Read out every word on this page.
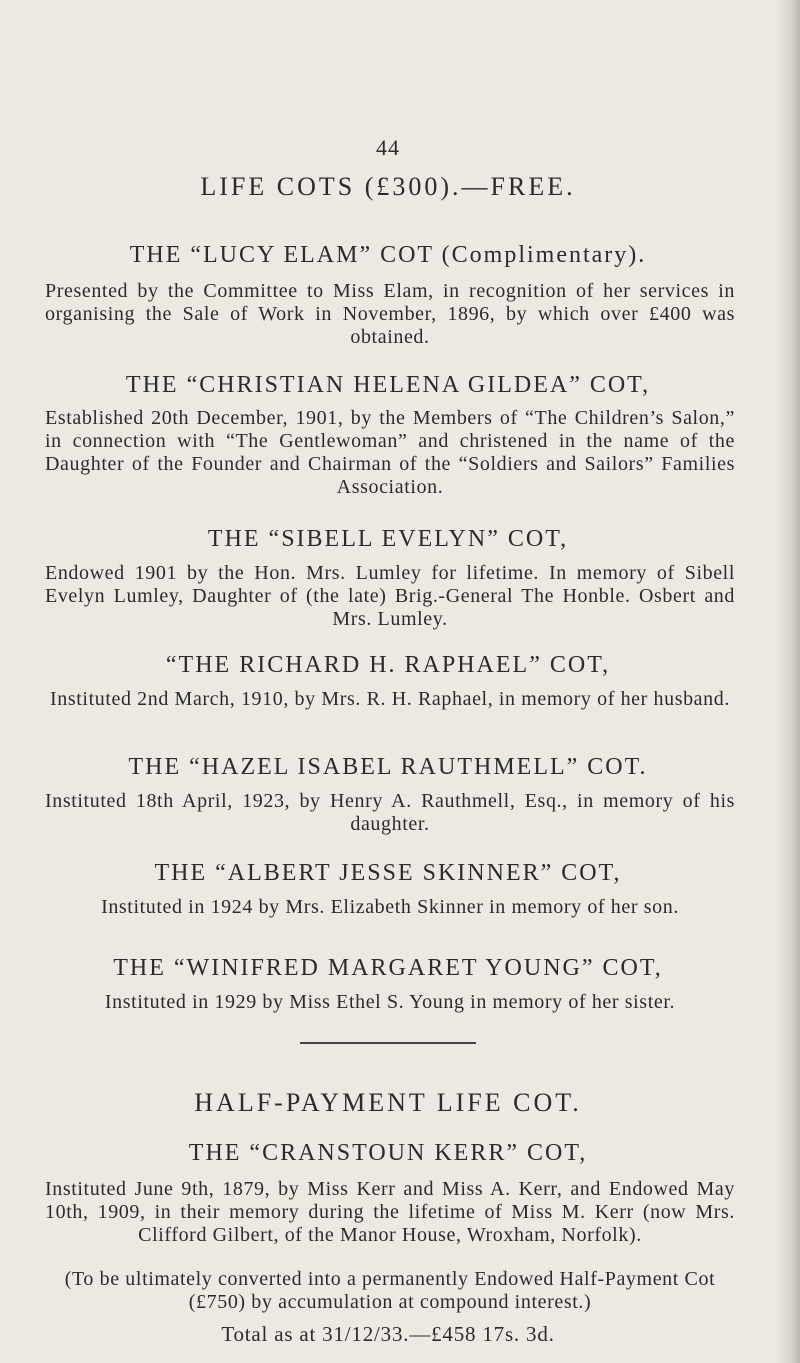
44
LIFE COTS (£300).—FREE.
THE “LUCY ELAM” COT (Complimentary).
Presented by the Committee to Miss Elam, in recognition of her services in organising the Sale of Work in November, 1896, by which over £400 was obtained.
THE “CHRISTIAN HELENA GILDEA” COT,
Established 20th December, 1901, by the Members of “The Children’s Salon,” in connection with “The Gentlewoman” and christened in the name of the Daughter of the Founder and Chairman of the “Soldiers and Sailors” Families Association.
THE “SIBELL EVELYN” COT,
Endowed 1901 by the Hon. Mrs. Lumley for lifetime. In memory of Sibell Evelyn Lumley, Daughter of (the late) Brig.-General The Honble. Osbert and Mrs. Lumley.
“THE RICHARD H. RAPHAEL” COT,
Instituted 2nd March, 1910, by Mrs. R. H. Raphael, in memory of her husband.
THE “HAZEL ISABEL RAUTHMELL” COT.
Instituted 18th April, 1923, by Henry A. Rauthmell, Esq., in memory of his daughter.
THE “ALBERT JESSE SKINNER” COT,
Instituted in 1924 by Mrs. Elizabeth Skinner in memory of her son.
THE “WINIFRED MARGARET YOUNG” COT,
Instituted in 1929 by Miss Ethel S. Young in memory of her sister.
HALF-PAYMENT LIFE COT.
THE “CRANSTOUN KERR” COT,
Instituted June 9th, 1879, by Miss Kerr and Miss A. Kerr, and Endowed May 10th, 1909, in their memory during the lifetime of Miss M. Kerr (now Mrs. Clifford Gilbert, of the Manor House, Wroxham, Norfolk).
(To be ultimately converted into a permanently Endowed Half-Payment Cot (£750) by accumulation at compound interest.)
Total as at 31/12/33.—£458 17s. 3d.
